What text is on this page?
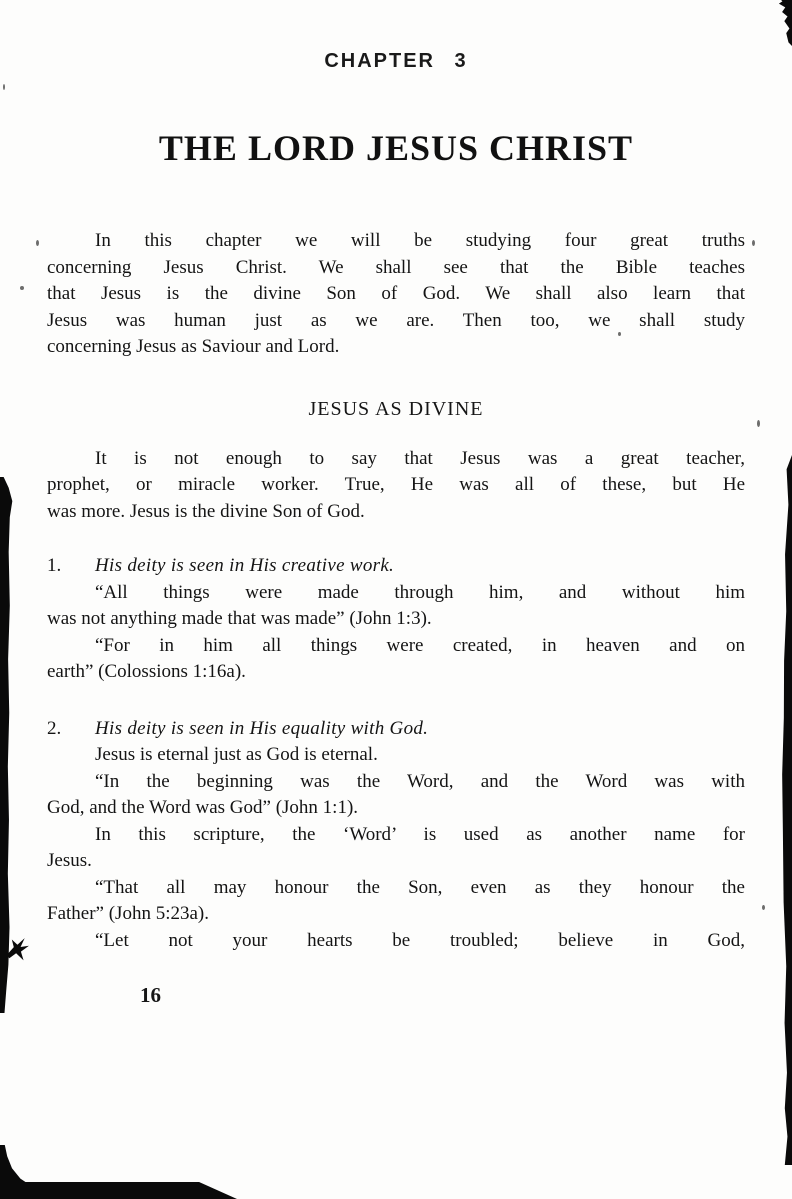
CHAPTER 3
THE LORD JESUS CHRIST
In this chapter we will be studying four great truths
concerning Jesus Christ. We shall see that the Bible teaches
that Jesus is the divine Son of God. We shall also learn that
Jesus was human just as we are. Then too, we shall study
concerning Jesus as Saviour and Lord.
JESUS AS DIVINE
It is not enough to say that Jesus was a great teacher,
prophet, or miracle worker. True, He was all of these, but He
was more. Jesus is the divine Son of God.
1. His deity is seen in His creative work.
“All things were made through him, and without him
was not anything made that was made” (John 1:3).
“For in him all things were created, in heaven and on
earth” (Colossions 1:16a).
2. His deity is seen in His equality with God.
Jesus is eternal just as God is eternal.
“In the beginning was the Word, and the Word was with
God, and the Word was God” (John 1:1).
In this scripture, the ‘Word’ is used as another name for
Jesus.
“That all may honour the Son, even as they honour the
Father” (John 5:23a).
“Let not your hearts be troubled; believe in God,
16
